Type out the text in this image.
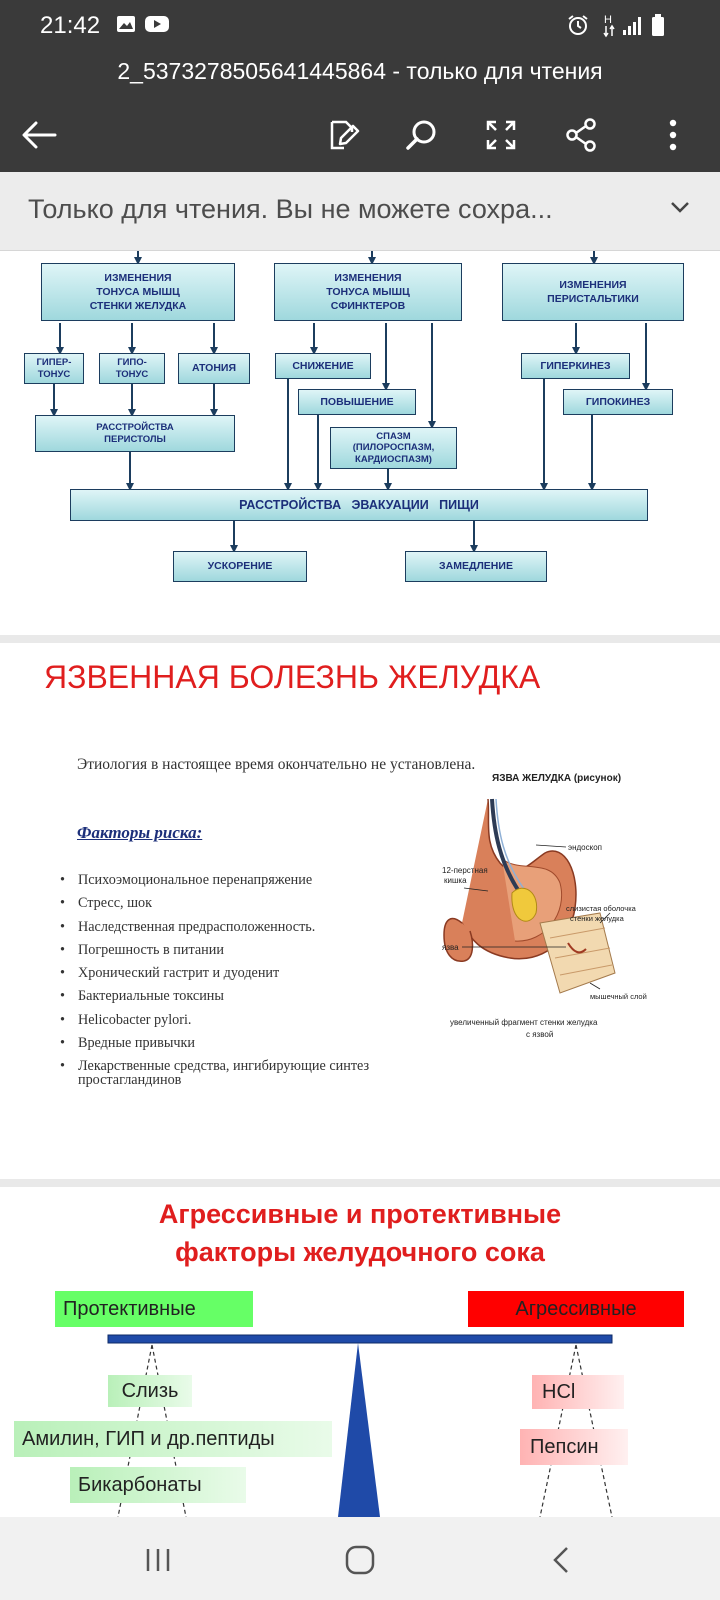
21:42	H
2_5373278505641445864 - только для чтения
Только для чтения. Вы не можете сохра...
ИЗМЕНЕНИЯ
ТОНУСА МЫШЦ
СТЕНКИ ЖЕЛУДКА
ИЗМЕНЕНИЯ
ТОНУСА МЫШЦ
СФИНКТЕРОВ
ИЗМЕНЕНИЯ
ПЕРИСТАЛЬТИКИ
ГИПЕР-
ТОНУС
ГИПО-
ТОНУС	АТОНИЯ
РАССТРОЙСТВА
ПЕРИСТОЛЫ
СНИЖЕНИЕ
ПОВЫШЕНИЕ
СПАЗМ
(ПИЛОРОСПАЗМ,
КАРДИОСПАЗМ)
ГИПЕРКИНЕЗ
ГИПОКИНЕЗ
РАССТРОЙСТВА   ЭВАКУАЦИИ   ПИЩИ
УСКОРЕНИЕ	ЗАМЕДЛЕНИЕ
ЯЗВЕННАЯ БОЛЕЗНЬ ЖЕЛУДКА
Этиология в настоящее время окончательно не установлена.
Факторы риска:
• Психоэмоциональное перенапряжение
• Стресс, шок
• Наследственная предрасположенность.
• Погрешность в питании
• Хронический гастрит и дуоденит
• Бактериальные токсины
• Helicobacter pylori.
• Вредные привычки
• Лекарственные средства, ингибирующие синтез простагландинов
ЯЗВА ЖЕЛУДКА (рисунок)
12-перстная
кишка
эндоскоп
слизистая оболочка
стенки желудка
язва
мышечный слой
увеличенный фрагмент стенки желудка
с язвой
Агрессивные и протективные
факторы желудочного сока
Протективные	Агрессивные
Слизь
Амилин, ГИП и др.пептиды
Бикарбонаты
HCl
Пепсин
